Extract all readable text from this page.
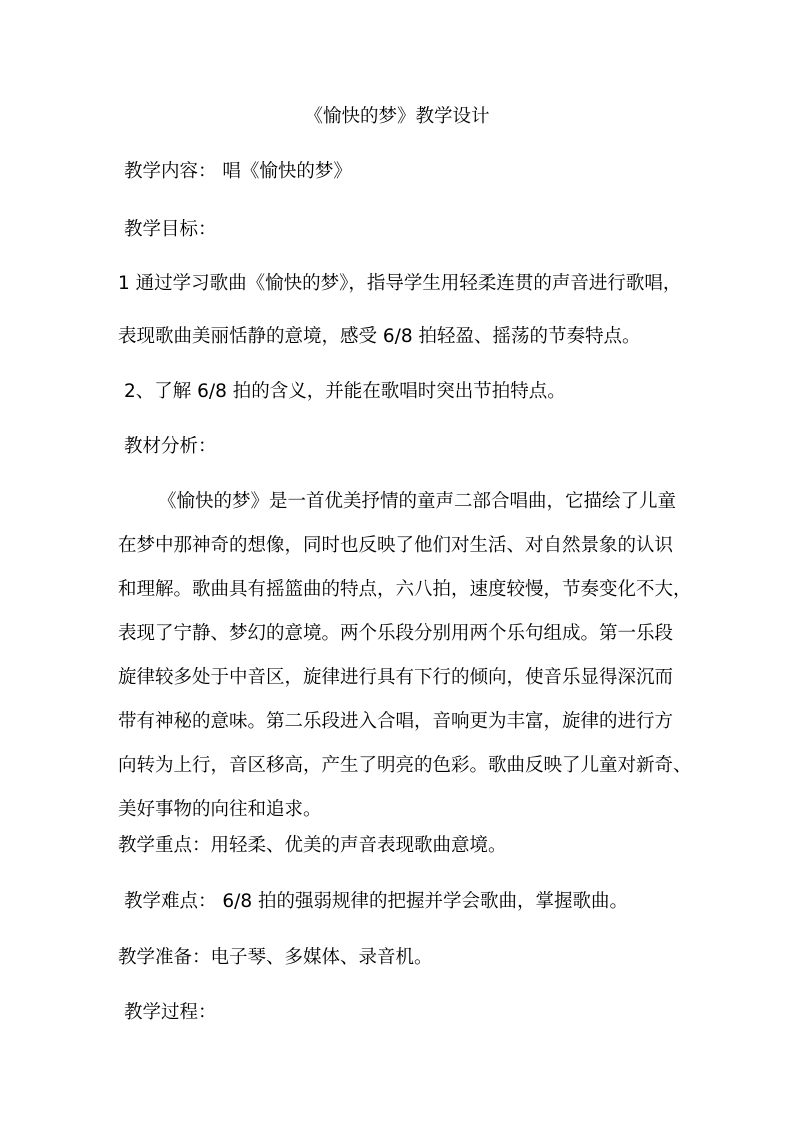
《愉快的梦》教学设计
教学内容： 唱《愉快的梦》
教学目标：
1 通过学习歌曲《愉快的梦》，指导学生用轻柔连贯的声音进行歌唱，
表现歌曲美丽恬静的意境，感受 6/8 拍轻盈、摇荡的节奏特点。
2、了解 6/8 拍的含义，并能在歌唱时突出节拍特点。
教材分析：
《愉快的梦》是一首优美抒情的童声二部合唱曲，它描绘了儿童
在梦中那神奇的想像，同时也反映了他们对生活、对自然景象的认识
和理解。歌曲具有摇篮曲的特点，六八拍，速度较慢，节奏变化不大，
表现了宁静、梦幻的意境。两个乐段分别用两个乐句组成。第一乐段
旋律较多处于中音区，旋律进行具有下行的倾向，使音乐显得深沉而
带有神秘的意味。第二乐段进入合唱，音响更为丰富，旋律的进行方
向转为上行，音区移高，产生了明亮的色彩。歌曲反映了儿童对新奇、
美好事物的向往和追求。
教学重点：用轻柔、优美的声音表现歌曲意境。
教学难点： 6/8 拍的强弱规律的把握并学会歌曲，掌握歌曲。
教学准备：电子琴、多媒体、录音机。
教学过程：
